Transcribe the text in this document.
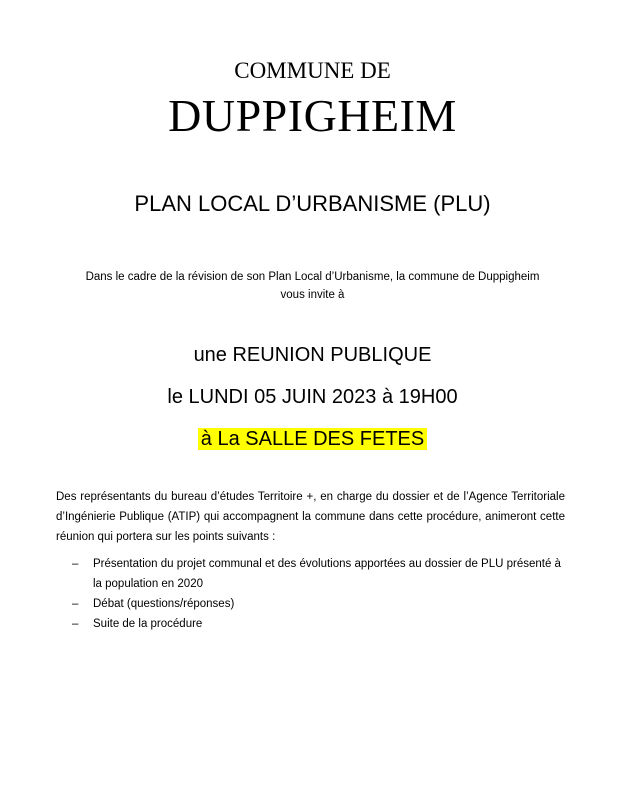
COMMUNE DE
DUPPIGHEIM
PLAN LOCAL D’URBANISME (PLU)
Dans le cadre de la révision de son Plan Local d’Urbanisme, la commune de Duppigheim vous invite à
une REUNION PUBLIQUE
le LUNDI 05 JUIN 2023 à 19H00
à La SALLE DES FETES
Des représentants du bureau d’études Territoire +, en charge du dossier et de l’Agence Territoriale d’Ingénierie Publique (ATIP) qui accompagnent la commune dans cette procédure, animeront cette réunion qui portera sur les points suivants :
– Présentation du projet communal et des évolutions apportées au dossier de PLU présenté à la population en 2020
– Débat (questions/réponses)
– Suite de la procédure
